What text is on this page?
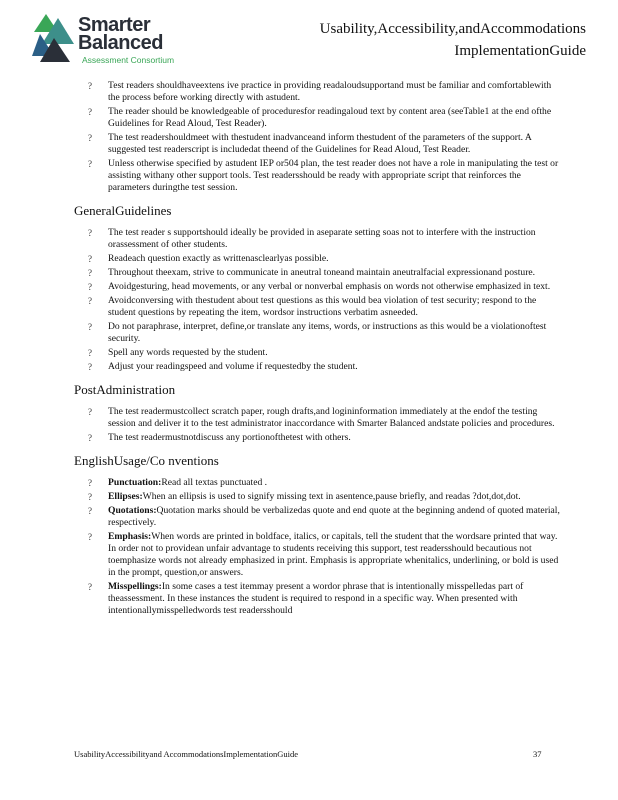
Smarter
Balanced
Assessment Consortium
Usability,Accessibility,andAccommodations
ImplementationGuide
? Test readers shouldhaveextens ive practice in providing readaloudsupportand must be familiar and comfortablewith the process before working directly with astudent.
? The reader should be knowledgeable of proceduresfor readingaloud text by content area (seeTable1 at the end ofthe Guidelines for Read Aloud, Test Reader).
? The test readershouldmeet with thestudent inadvanceand inform thestudent of the parameters of the support. A suggested test readerscript is includedat theend of the Guidelines for Read Aloud, Test Reader.
? Unless otherwise specified by astudent IEP or504 plan, the test reader does not have a role in manipulating the test or assisting withany other support tools. Test readersshould be ready with appropriate script that reinforces the parameters duringthe test session.
GeneralGuidelines
? The test reader s supportshould ideally be provided in aseparate setting soas not to interfere with the instruction orassessment of other students.
? Readeach question exactly as writtenasclearlyas possible.
? Throughout theexam, strive to communicate in aneutral toneand maintain aneutralfacial expressionand posture.
? Avoidgesturing, head movements, or any verbal or nonverbal emphasis on words not otherwise emphasized in text.
? Avoidconversing with thestudent about test questions as this would bea violation of test security; respond to the student questions by repeating the item, wordsor instructions verbatim asneeded.
? Do not paraphrase, interpret, define,or translate any items, words, or instructions as this would be a violationoftest security.
? Spell any words requested by the student.
? Adjust your readingspeed and volume if requestedby the student.
PostAdministration
? The test readermustcollect scratch paper, rough drafts,and logininformation immediately at the endof the testing session and deliver it to the test administrator inaccordance with Smarter Balanced andstate policies and procedures.
? The test readermustnotdiscuss any portionofthetest with others.
EnglishUsage/Co nventions
? Punctuation:Read all textas punctuated .
? Ellipses:When an ellipsis is used to signify missing text in asentence,pause briefly, and readas ?dot,dot,dot.
? Quotations:Quotation marks should be verbalizedas quote and end quote at the beginning andend of quoted material, respectively.
? Emphasis:When words are printed in boldface, italics, or capitals, tell the student that the wordsare printed that way. In order not to providean unfair advantage to students receiving this support, test readersshould becautious not toemphasize words not already emphasized in print. Emphasis is appropriate whenitalics, underlining, or bold is used in the prompt, question,or answers.
? Misspellings:In some cases a test itemmay present a wordor phrase that is intentionally misspelledas part of theassessment. In these instances the student is required to respond in a specific way. When presented with intentionallymisspelledwords test readersshould
UsabilityAccessibilityand AccommodationsImplementationGuide	37
